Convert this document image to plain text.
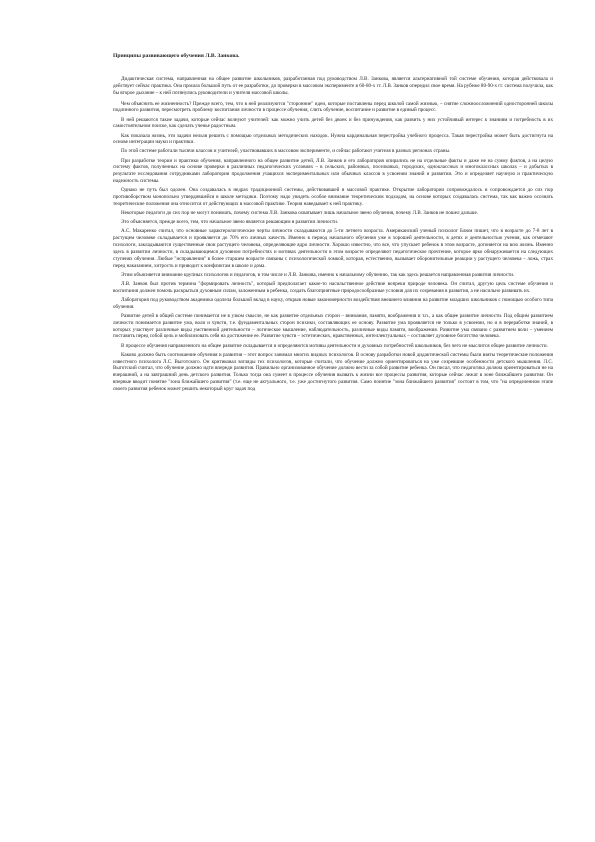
Принципы развивающего обучения Л.В. Занкова.

Дидактическая система, направленная на общее развитие школьников, разработанная под руководством Л.В. Занкова, является альтернативной той системе обучения, которая действовала и действует сейчас практика. Она прошла большой путь от ее разработки, до проверки в массовом эксперименте в 60-80-х гг. Л.В. Занков опередил свое время. На рубеже 80-90-х гг. система получила, как бы второе дыхание – к ней потянулись руководители и учителя массовой школы.

Чем объяснить ее жизненность? Прежде всего, тем, что в ней реализуются "сторонние" идеи, которые поставлены перед школой самой жизнью, – снятие сложноосложнений односторонней школы подлинного развития, пересмотреть проблему воспитания личности в процессе обучения, слить обучение, воспитание и развитие в единый процесс.

В ней решаются такие задачи, которые сейчас волнуют учителей: как можно учить детей без двоек и без принуждения, как развить у них устойчивый интерес к знаниям и потребность в их самостоятельном поиске, как сделать ученье радостным.

Как показала жизнь, эти задачи нельзя решить с помощью отдельных методических находок. Нужна кардинальная перестройка учебного процесса. Такая перестройка может быть достигнута на основе интеграции науки и практики.

По этой системе работали тысячи классов и учителей, участвовавших в массовом эксперименте, и сейчас работают учителя в разных регионах страны.

При разработке теории и практики обучения, направленного на общее развитие детей, Л.В. Занков и его лаборатория опирались не на отдельные факты и даже не на сумму фактов, а на целую систему фактов, полученных на основе проверки в различных педагогических условиях – в сельских, районных, поселковых, городских, одноклассных и многоклассных школах – и добытых в результате исследования сотрудниками лаборатории продолжения учащихся экспериментальных или обычных классов в усвоении знаний и развитии. Это и определяет научную и практическую надежность системы.

Однако не путь был одолен. Она создавалась в недрах традиционной системы, действовавшей в массовой практике. Открытие лаборатории сопровождалось и сопровождается до сих пор противоборством монопольно утвердившейся в школе методики. Поэтому надо увидеть особое внимание теоретическим подходам, на основе которых создавалась система, так как важно осознать теоретические положения она относится от действующих в массовой практике. Теория наведывает к ней практику.

Некоторые педагоги до сих пор не могут понимать, почему система Л.В. Занкова охватывает лишь начальное звено обучения, почему Л.В. Занков не пошел дальше.

Это объясняется, прежде всего, тем, что начальное звено является решающим в развитии личности.

А.С. Макаренко считал, что основные характерологические черты личности складываются до 5-ти летнего возраста. Американский ученый психолог Блюм пишет, что в возрасте до 7-8 лет в растущем человеке складывается и проявляется до 70% его личных качеств. Именно в период начального обучения уже в хорошей деятельности, в детях и деятельностью учения, как отмечают психологи, закладываются существенные свои растущего человека, определяющие ядро личности. Хорошо известно, что все, что упускает ребенок в этом возрасте, догоняется на всю жизнь. Именно здесь в развитии личности, в складывающемся духовном потребностях и мотивах деятельности в этом возрасте определяют педагогическое прочтение, которое ярко обнаруживается на следующих ступенях обучения. Любые "исправления" в более старшем возрасте связаны с психологической ломкой, которая, естественно, вызывает оборонительные реакции у растущего человека – ложь, страх перед наказанием, хитрость и приводит к конфликтам в школе и дома.

Этим объясняется внимание крупных психологов и педагогов, в том числе и Л.В. Занкова, именно к начальному обучению, так как здесь решается направленная развития личности.

Л.В. Занков был против термина "формировать личность", который предполагает какое-то насильственное действие вопреки природе человека. Он считал, другую цель системе обучения и воспитания должен помочь раскрыться духовным силам, заложенным в ребенка, создать благоприятные природосообразные условия для их созревания в развития, а не насильно развивать их.

Лаборатория под руководством академика одолела большой вклад в науку, открыв новые закономерности воздействия внешнего влияния на развитие младших школьников с помощью особого типа обучения.

Развитие детей в общей системе понимается не в узком смысле, не как развитие отдельных сторон – внимания, памяти, воображения и т.п., а как общее развитие личности. Под общим развитием личности понимается развитие ума, воли и чувств, т.е. фундаментальных сторон психики, составляющих ее основу. Развитие ума проявляется не только в усвоении, но и в переработке знаний, в которых участвует различные виды умственной деятельности – логическое мышление, наблюдательность, различные виды памяти, воображения. Развитие ума связано с развитием воли – умением поставить перед собой цель и мобилизовать себя на достижение ее. Развитие чувств – эстетических, нравственных, интеллектуальных – составляет духовное богатство человека.

В процессе обучения направленного на общее развитие складывается и определяются мотивы деятельности и духовных потребностей школьников, без чего не мыслится общее развитие личности.

Каково должно быть соотношение обучения и развития – этот вопрос занимал многих видных психологов. В основу разработки новой дидактической системы были взяты теоретические положения известного психолога Л.С. Выготского. Он критиковал взгляды тех психологов, которые считали, что обучение должно ориентироваться на уже созревшие особенности детского мышления. Л.С. Выготский считал, что обучение должно идти впереди развития. Правильно организованное обучение должно вести за собой развитие ребенка. Он писал, что педагогика должна ориентироваться не на вчерашний, а на завтрашний день детского развития. Только тогда она сумеет в процессе обучения вызвать к жизни все процессы развития, которые сейчас лежат в зоне ближайшего развития. Он впервые вводит понятие "зона ближайшего развития" (т.е. еще не актуального, т.е. уже достигнутого развития. Само понятие "зона ближайшего развития" состоит в том, что "на определенном этапе своего развития ребенок может решить некоторый круг задач под
